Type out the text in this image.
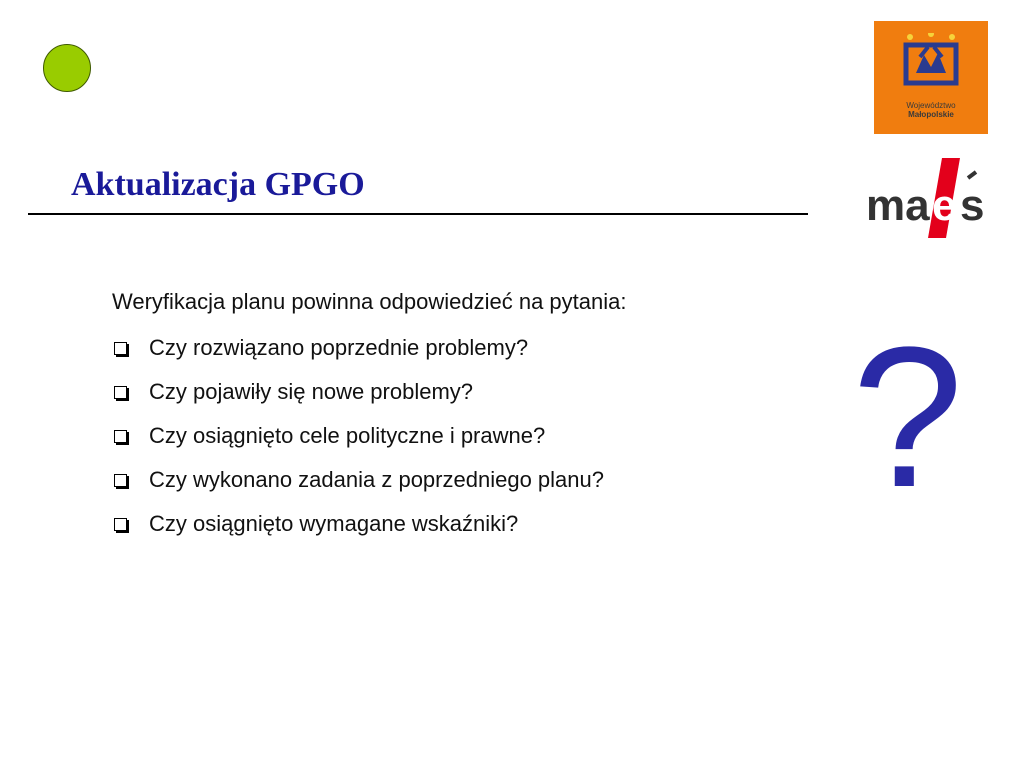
Aktualizacja GPGO
Województwo
Małopolskie
ma e s
Weryfikacja planu powinna odpowiedzieć na pytania:
Czy rozwiązano poprzednie problemy?
Czy pojawiły się nowe problemy?
Czy osiągnięto cele polityczne i prawne?
Czy wykonano zadania z poprzedniego planu?
Czy osiągnięto wymagane wskaźniki? ?
